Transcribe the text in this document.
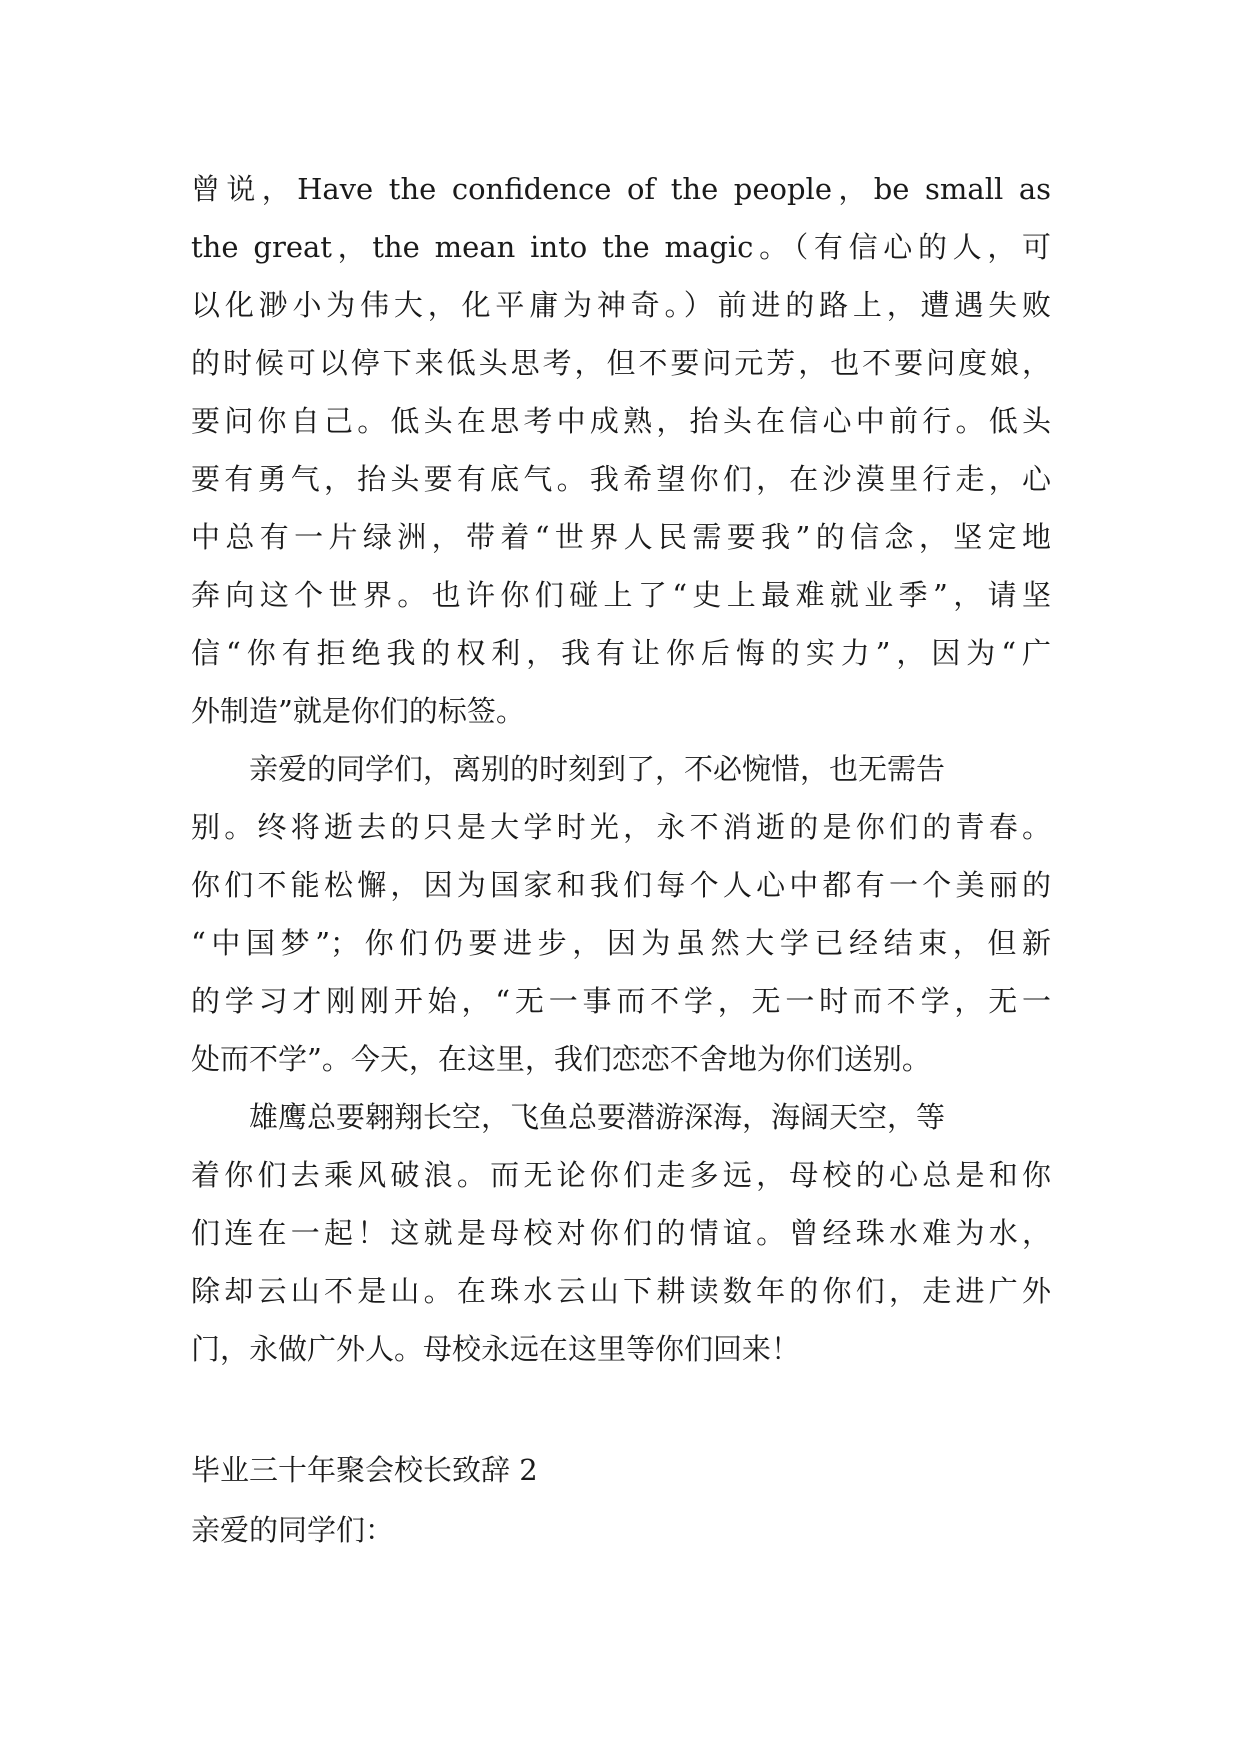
曾说，Have the confidence of the people，be small as
the great，the mean into the magic。（有信心的人，可
以化渺小为伟大，化平庸为神奇。）前进的路上，遭遇失败
的时候可以停下来低头思考，但不要问元芳，也不要问度娘，
要问你自己。低头在思考中成熟，抬头在信心中前行。低头
要有勇气，抬头要有底气。我希望你们，在沙漠里行走，心
中总有一片绿洲，带着“世界人民需要我”的信念，坚定地
奔向这个世界。也许你们碰上了“史上最难就业季”，请坚
信“你有拒绝我的权利，我有让你后悔的实力”，因为“广
外制造”就是你们的标签。
　　亲爱的同学们，离别的时刻到了，不必惋惜，也无需告
别。终将逝去的只是大学时光，永不消逝的是你们的青春。
你们不能松懈，因为国家和我们每个人心中都有一个美丽的
“中国梦”；你们仍要进步，因为虽然大学已经结束，但新
的学习才刚刚开始，“无一事而不学，无一时而不学，无一
处而不学”。今天，在这里，我们恋恋不舍地为你们送别。
　　雄鹰总要翱翔长空，飞鱼总要潜游深海，海阔天空，等
着你们去乘风破浪。而无论你们走多远，母校的心总是和你
们连在一起！这就是母校对你们的情谊。曾经珠水难为水，
除却云山不是山。在珠水云山下耕读数年的你们，走进广外
门，永做广外人。母校永远在这里等你们回来！
毕业三十年聚会校长致辞 2
亲爱的同学们：
